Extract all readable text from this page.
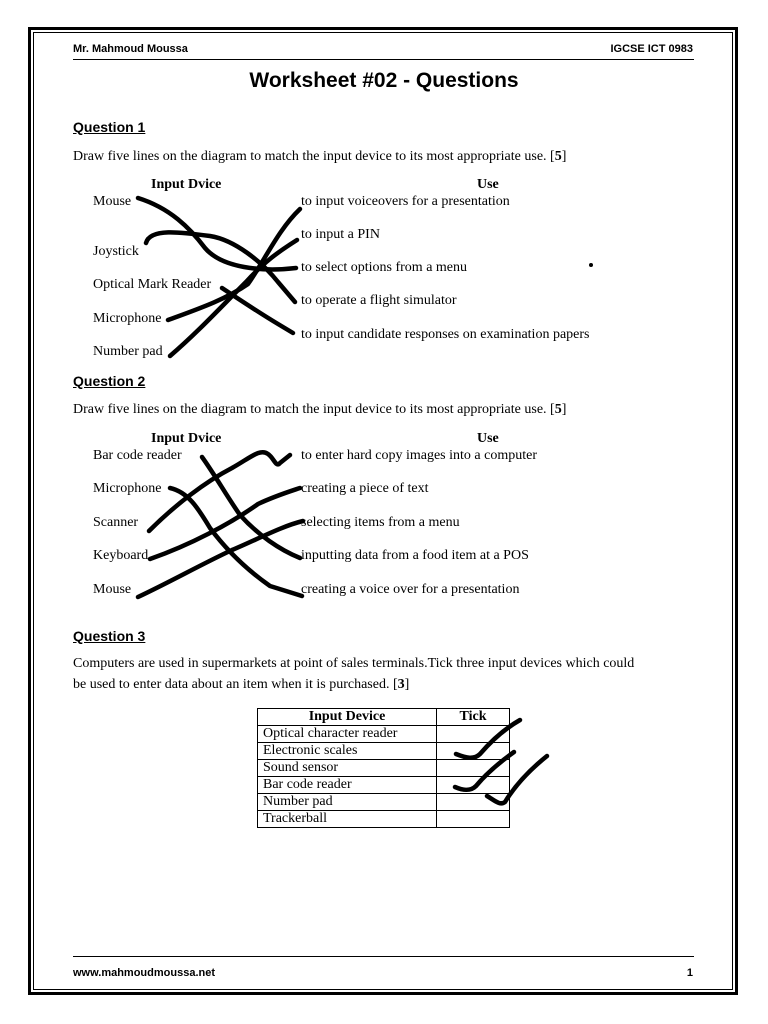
Mr. Mahmoud Moussa	IGCSE ICT 0983
Worksheet #02 - Questions
Question 1
Draw five lines on the diagram to match the input device to its most appropriate use. [5]
Input Dvice	Use
Mouse
Joystick
Optical Mark Reader
Microphone
Number pad
to input voiceovers for a presentation
to input a PIN
to select options from a menu
to operate a flight simulator
to input candidate responses on examination papers
Question 2
Draw five lines on the diagram to match the input device to its most appropriate use. [5]
Input Dvice	Use
Bar code reader
Microphone
Scanner
Keyboard
Mouse
to enter hard copy images into a computer
creating a piece of text
selecting items from a menu
inputting data from a food item at a POS
creating a voice over for a presentation
Question 3
Computers are used in supermarkets at point of sales terminals.Tick three input devices which could
be used to enter data about an item when it is purchased. [3]
Input Device	Tick
Optical character reader	
Electronic scales	
Sound sensor	
Bar code reader	
Number pad	
Trackerball	
www.mahmoudmoussa.net	1
